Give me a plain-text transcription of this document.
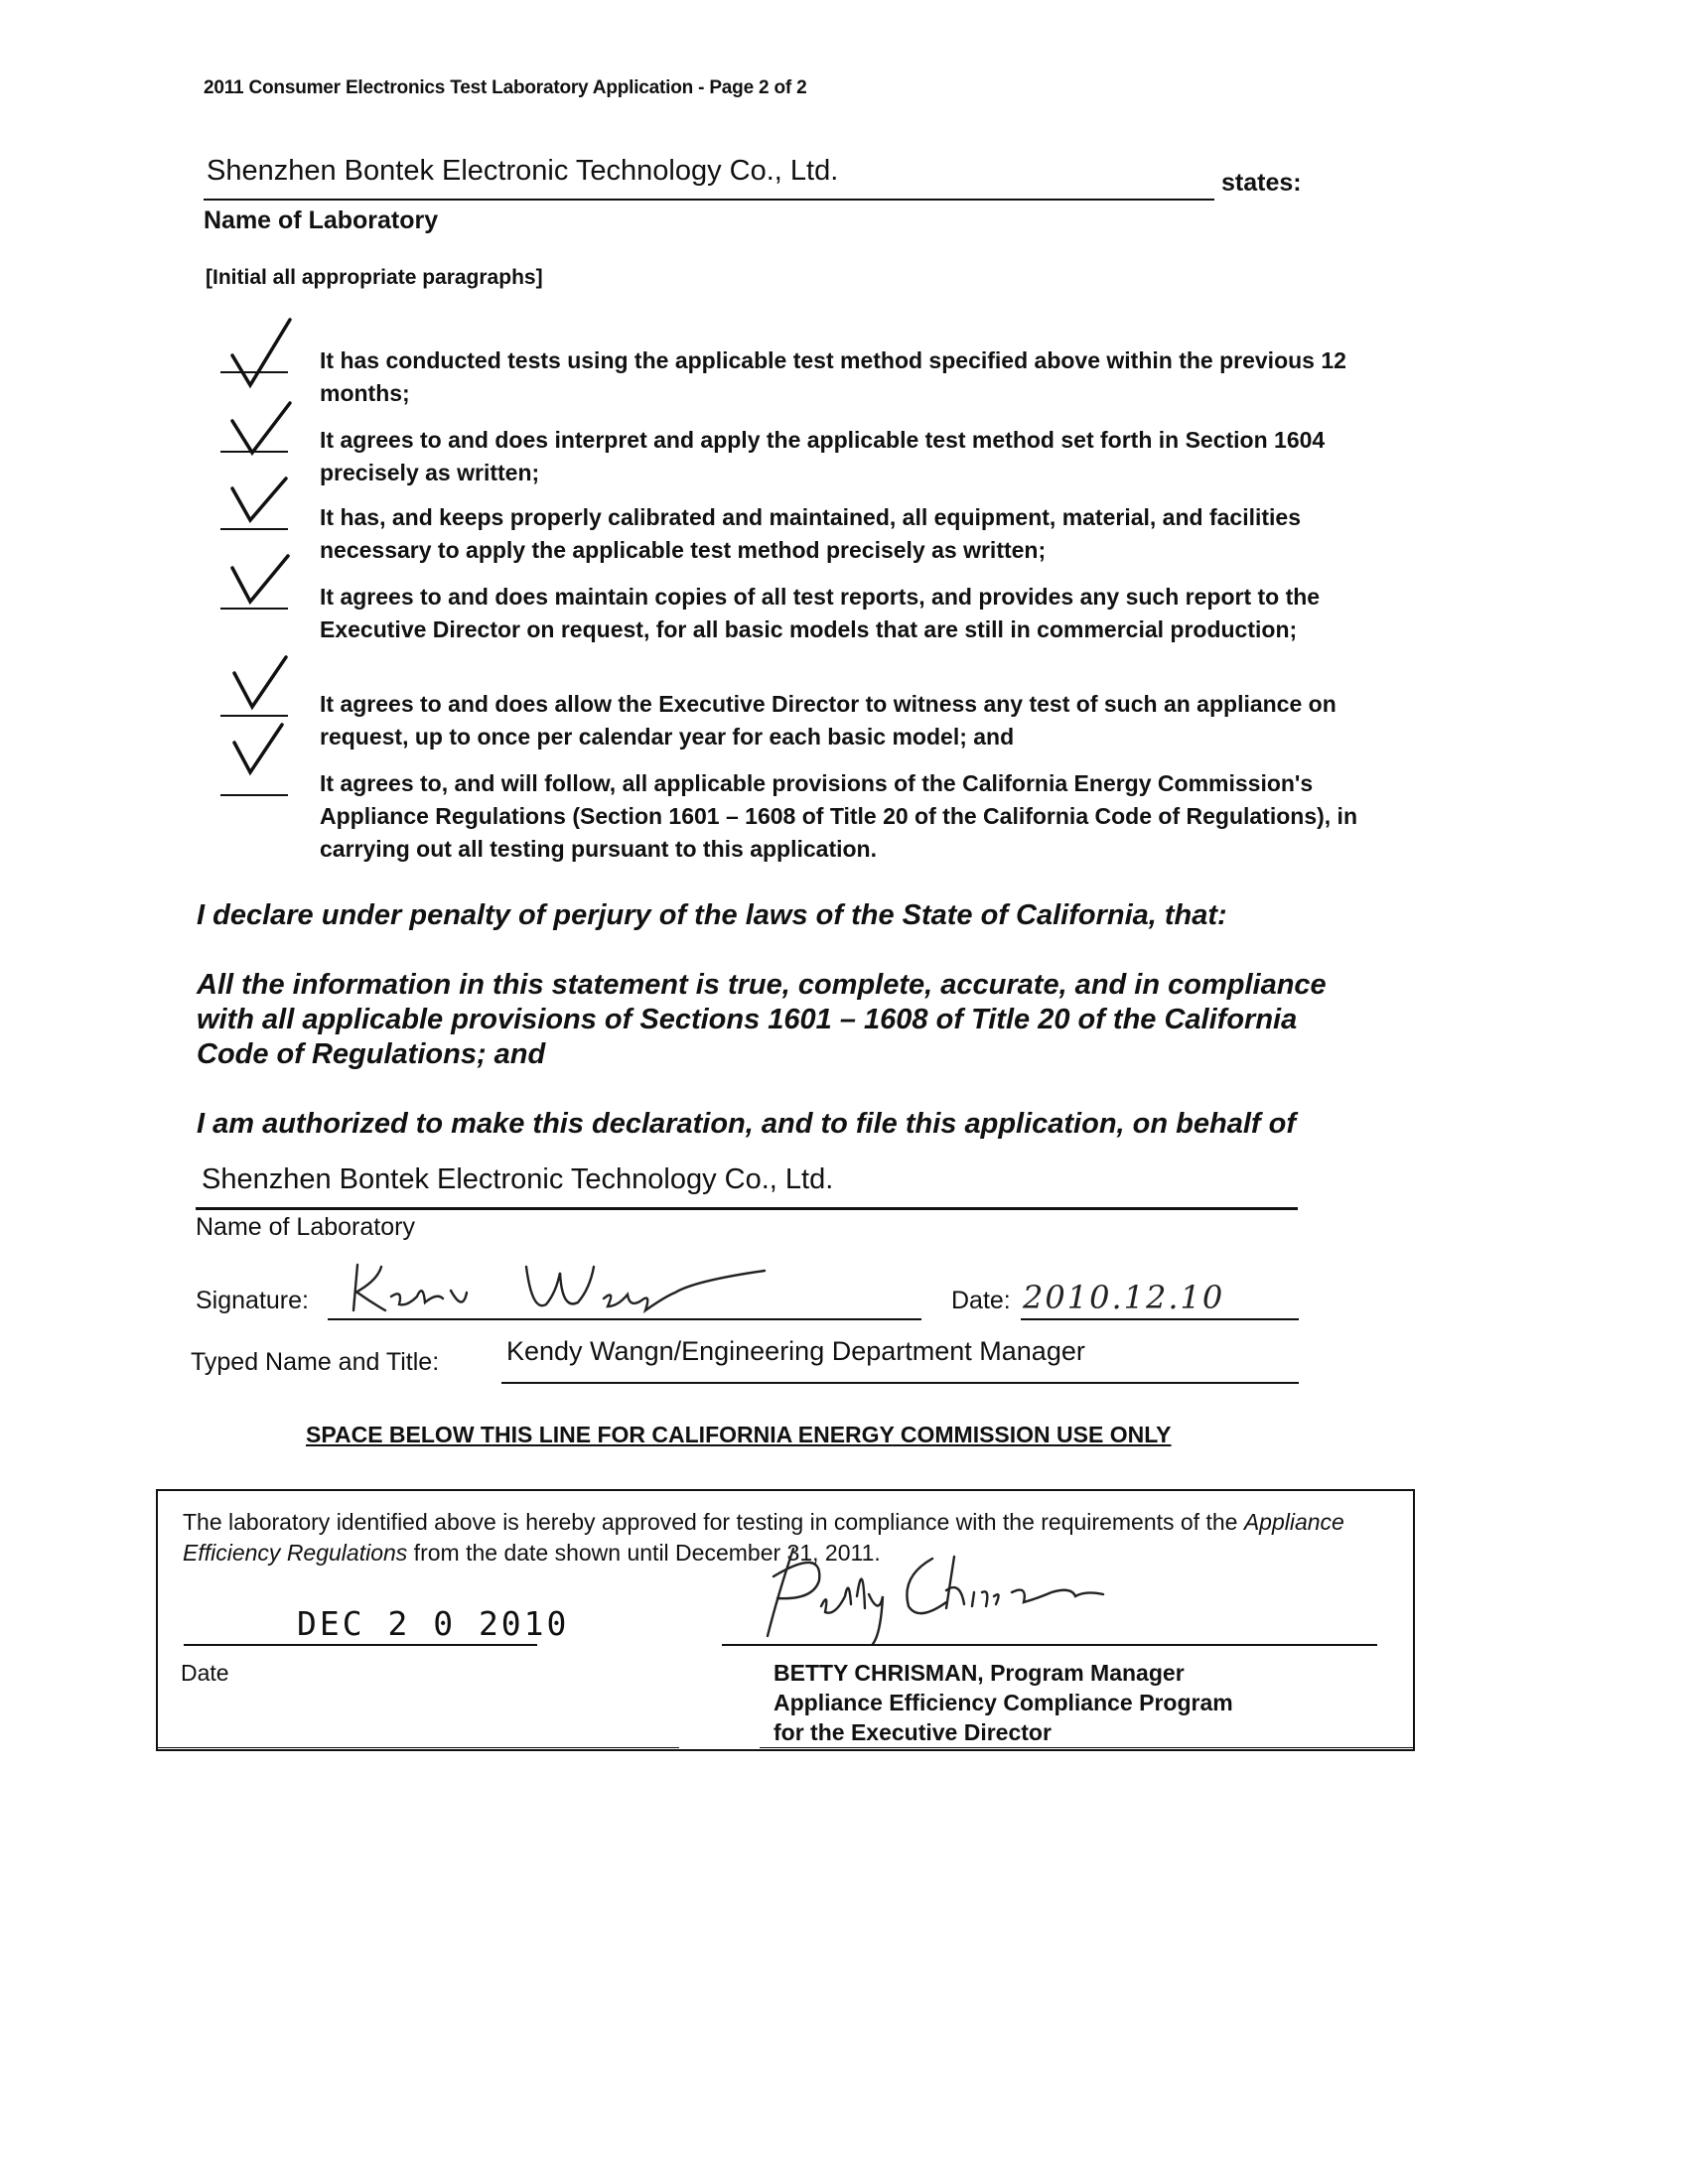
2011 Consumer Electronics Test Laboratory Application - Page 2 of 2
Shenzhen Bontek Electronic Technology Co., Ltd.	states:
Name of Laboratory
[Initial all appropriate paragraphs]
It has conducted tests using the applicable test method specified above within the previous 12 months;
It agrees to and does interpret and apply the applicable test method set forth in Section 1604 precisely as written;
It has, and keeps properly calibrated and maintained, all equipment, material, and facilities necessary to apply the applicable test method precisely as written;
It agrees to and does maintain copies of all test reports, and provides any such report to the Executive Director on request, for all basic models that are still in commercial production;
It agrees to and does allow the Executive Director to witness any test of such an appliance on request, up to once per calendar year for each basic model; and
It agrees to, and will follow, all applicable provisions of the California Energy Commission's Appliance Regulations (Section 1601 – 1608 of Title 20 of the California Code of Regulations), in carrying out all testing pursuant to this application.
I declare under penalty of perjury of the laws of the State of California, that:
All the information in this statement is true, complete, accurate, and in compliance with all applicable provisions of Sections 1601 – 1608 of Title 20 of the California Code of Regulations; and
I am authorized to make this declaration, and to file this application, on behalf of
Shenzhen Bontek Electronic Technology Co., Ltd.
Name of Laboratory
Signature:	Date: 2010.12.10
Typed Name and Title:	Kendy Wangn/Engineering Department Manager
SPACE BELOW THIS LINE FOR CALIFORNIA ENERGY COMMISSION USE ONLY
The laboratory identified above is hereby approved for testing in compliance with the requirements of the Appliance Efficiency Regulations from the date shown until December 31, 2011.
DEC 2 0 2010
Date	BETTY CHRISMAN, Program Manager
Appliance Efficiency Compliance Program
for the Executive Director
